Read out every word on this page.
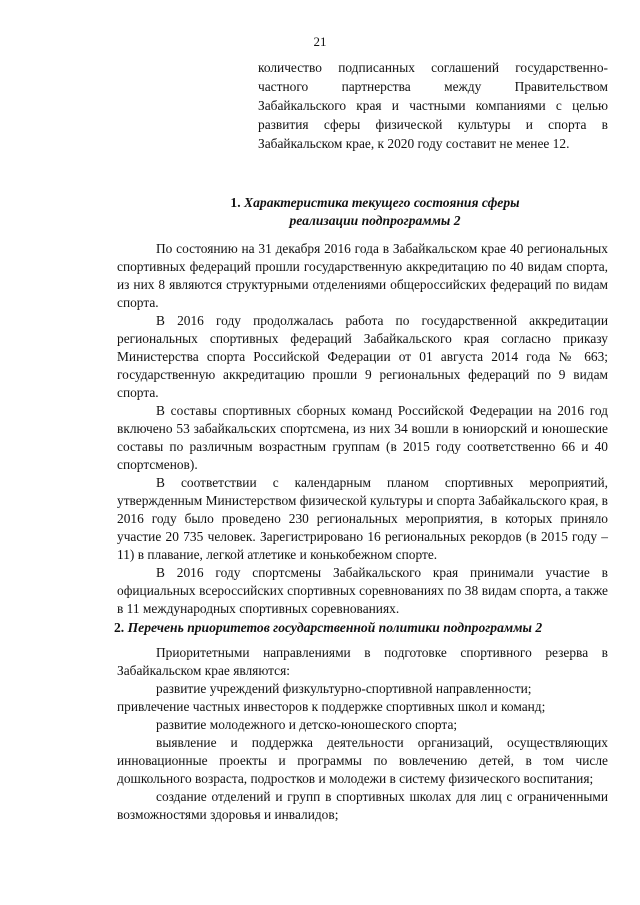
21
количество подписанных соглашений государственно-частного партнерства между Правительством Забайкальского края и частными компаниями с целью развития сферы физической культуры и спорта в Забайкальском крае, к 2020 году составит не менее 12.
1. Характеристика текущего состояния сферы
реализации подпрограммы 2

По состоянию на 31 декабря 2016 года в Забайкальском крае 40 региональных спортивных федераций прошли государственную аккредитацию по 40 видам спорта, из них 8 являются структурными отделениями общероссийских федераций по видам спорта.

В 2016 году продолжалась работа по государственной аккредитации региональных спортивных федераций Забайкальского края согласно приказу Министерства спорта Российской Федерации от 01 августа 2014 года № 663; государственную аккредитацию прошли 9 региональных федераций по 9 видам спорта.

В составы спортивных сборных команд Российской Федерации на 2016 год включено 53 забайкальских спортсмена, из них 34 вошли в юниорский и юношеские составы по различным возрастным группам (в 2015 году соответственно 66 и 40 спортсменов).

В соответствии с календарным планом спортивных мероприятий, утвержденным Министерством физической культуры и спорта Забайкальского края, в 2016 году было проведено 230 региональных мероприятия, в которых приняло участие 20 735 человек. Зарегистрировано 16 региональных рекордов (в 2015 году – 11) в плавание, легкой атлетике и конькобежном спорте.

В 2016 году спортсмены Забайкальского края принимали участие в официальных всероссийских спортивных соревнованиях по 38 видам спорта, а также в 11 международных спортивных соревнованиях.

2. Перечень приоритетов государственной политики подпрограммы 2

Приоритетными направлениями в подготовке спортивного резерва в Забайкальском крае являются:

развитие учреждений физкультурно-спортивной направленности;

привлечение частных инвесторов к поддержке спортивных школ и команд;

развитие молодежного и детско-юношеского спорта;

выявление и поддержка деятельности организаций, осуществляющих инновационные проекты и программы по вовлечению детей, в том числе дошкольного возраста, подростков и молодежи в систему физического воспитания;

создание отделений и групп в спортивных школах для лиц с ограниченными возможностями здоровья и инвалидов;
